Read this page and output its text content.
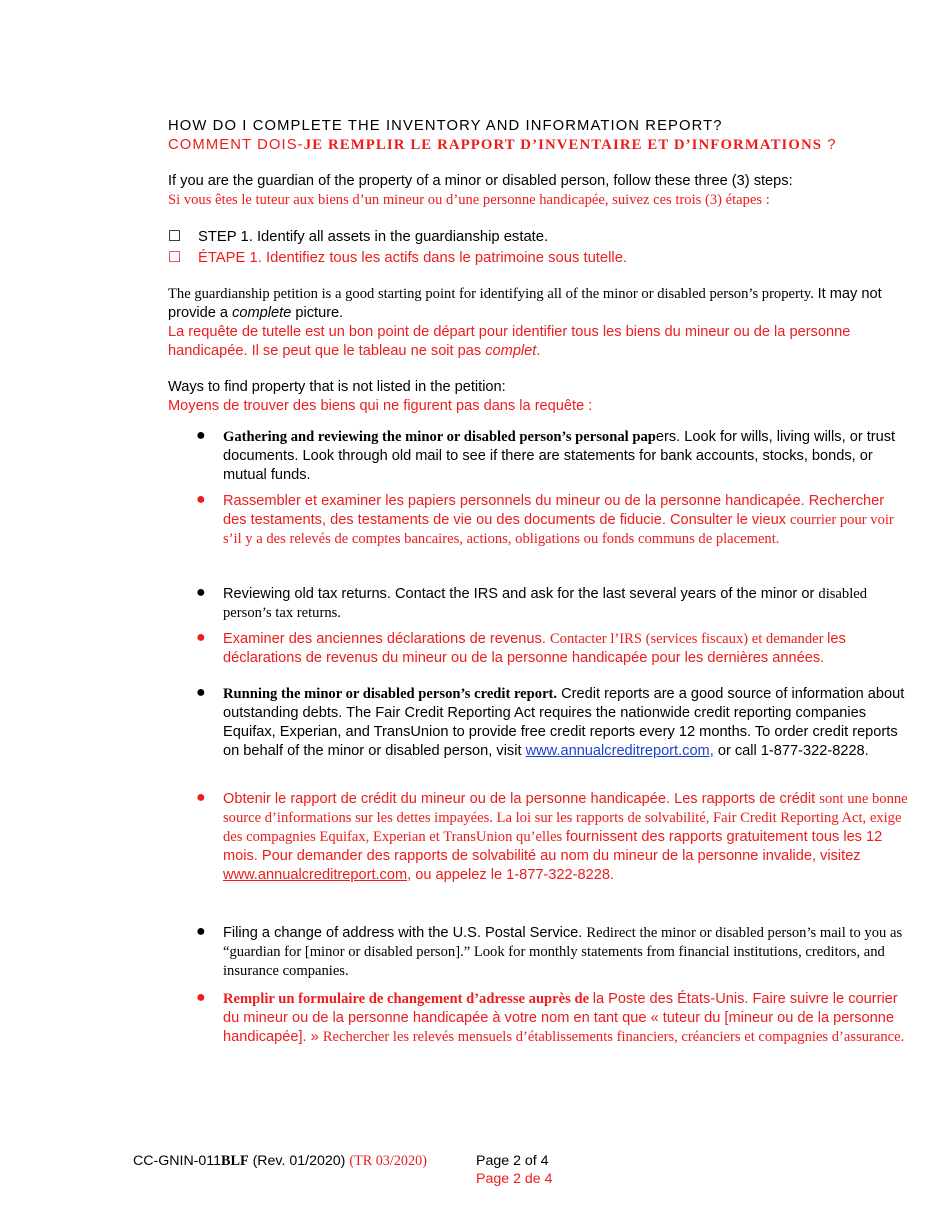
HOW DO I COMPLETE THE INVENTORY AND INFORMATION REPORT?
COMMENT DOIS-JE REMPLIR LE RAPPORT D’INVENTAIRE ET D’INFORMATIONS ?
If you are the guardian of the property of a minor or disabled person, follow these three (3) steps:
Si vous êtes le tuteur aux biens d’un mineur ou d’une personne handicapée, suivez ces trois (3) étapes :
☐ STEP 1. Identify all assets in the guardianship estate.
☐ ÉTAPE 1. Identifiez tous les actifs dans le patrimoine sous tutelle.
The guardianship petition is a good starting point for identifying all of the minor or disabled person’s property. It may not provide a complete picture.
La requête de tutelle est un bon point de départ pour identifier tous les biens du mineur ou de la personne handicapée. Il se peut que le tableau ne soit pas complet.
Ways to find property that is not listed in the petition:
Moyens de trouver des biens qui ne figurent pas dans la requête :
● Gathering and reviewing the minor or disabled person’s personal papers. Look for wills, living wills, or trust documents. Look through old mail to see if there are statements for bank accounts, stocks, bonds, or mutual funds.
● Rassembler et examiner les papiers personnels du mineur ou de la personne handicapée. Rechercher des testaments, des testaments de vie ou des documents de fiducie. Consulter le vieux courrier pour voir s’il y a des relevés de comptes bancaires, actions, obligations ou fonds communs de placement.
● Reviewing old tax returns. Contact the IRS and ask for the last several years of the minor or disabled person’s tax returns.
● Examiner des anciennes déclarations de revenus. Contacter l’IRS (services fiscaux) et demander les déclarations de revenus du mineur ou de la personne handicapée pour les dernières années.
● Running the minor or disabled person’s credit report. Credit reports are a good source of information about outstanding debts. The Fair Credit Reporting Act requires the nationwide credit reporting companies Equifax, Experian, and TransUnion to provide free credit reports every 12 months. To order credit reports on behalf of the minor or disabled person, visit www.annualcreditreport.com, or call 1-877-322-8228.
● Obtenir le rapport de crédit du mineur ou de la personne handicapée. Les rapports de crédit sont une bonne source d’informations sur les dettes impayées. La loi sur les rapports de solvabilité, Fair Credit Reporting Act, exige des compagnies Equifax, Experian et TransUnion qu’elles fournissent des rapports gratuitement tous les 12 mois. Pour demander des rapports de solvabilité au nom du mineur de la personne invalide, visitez www.annualcreditreport.com, ou appelez le 1-877-322-8228.
● Filing a change of address with the U.S. Postal Service. Redirect the minor or disabled person’s mail to you as “guardian for [minor or disabled person].” Look for monthly statements from financial institutions, creditors, and insurance companies.
● Remplir un formulaire de changement d’adresse auprès de la Poste des États-Unis. Faire suivre le courrier du mineur ou de la personne handicapée à votre nom en tant que « tuteur du [mineur ou de la personne handicapée]. » Rechercher les relevés mensuels d’établissements financiers, créanciers et compagnies d’assurance.
CC-GNIN-011BLF (Rev. 01/2020) (TR 03/2020)	Page 2 of 4
Page 2 de 4
